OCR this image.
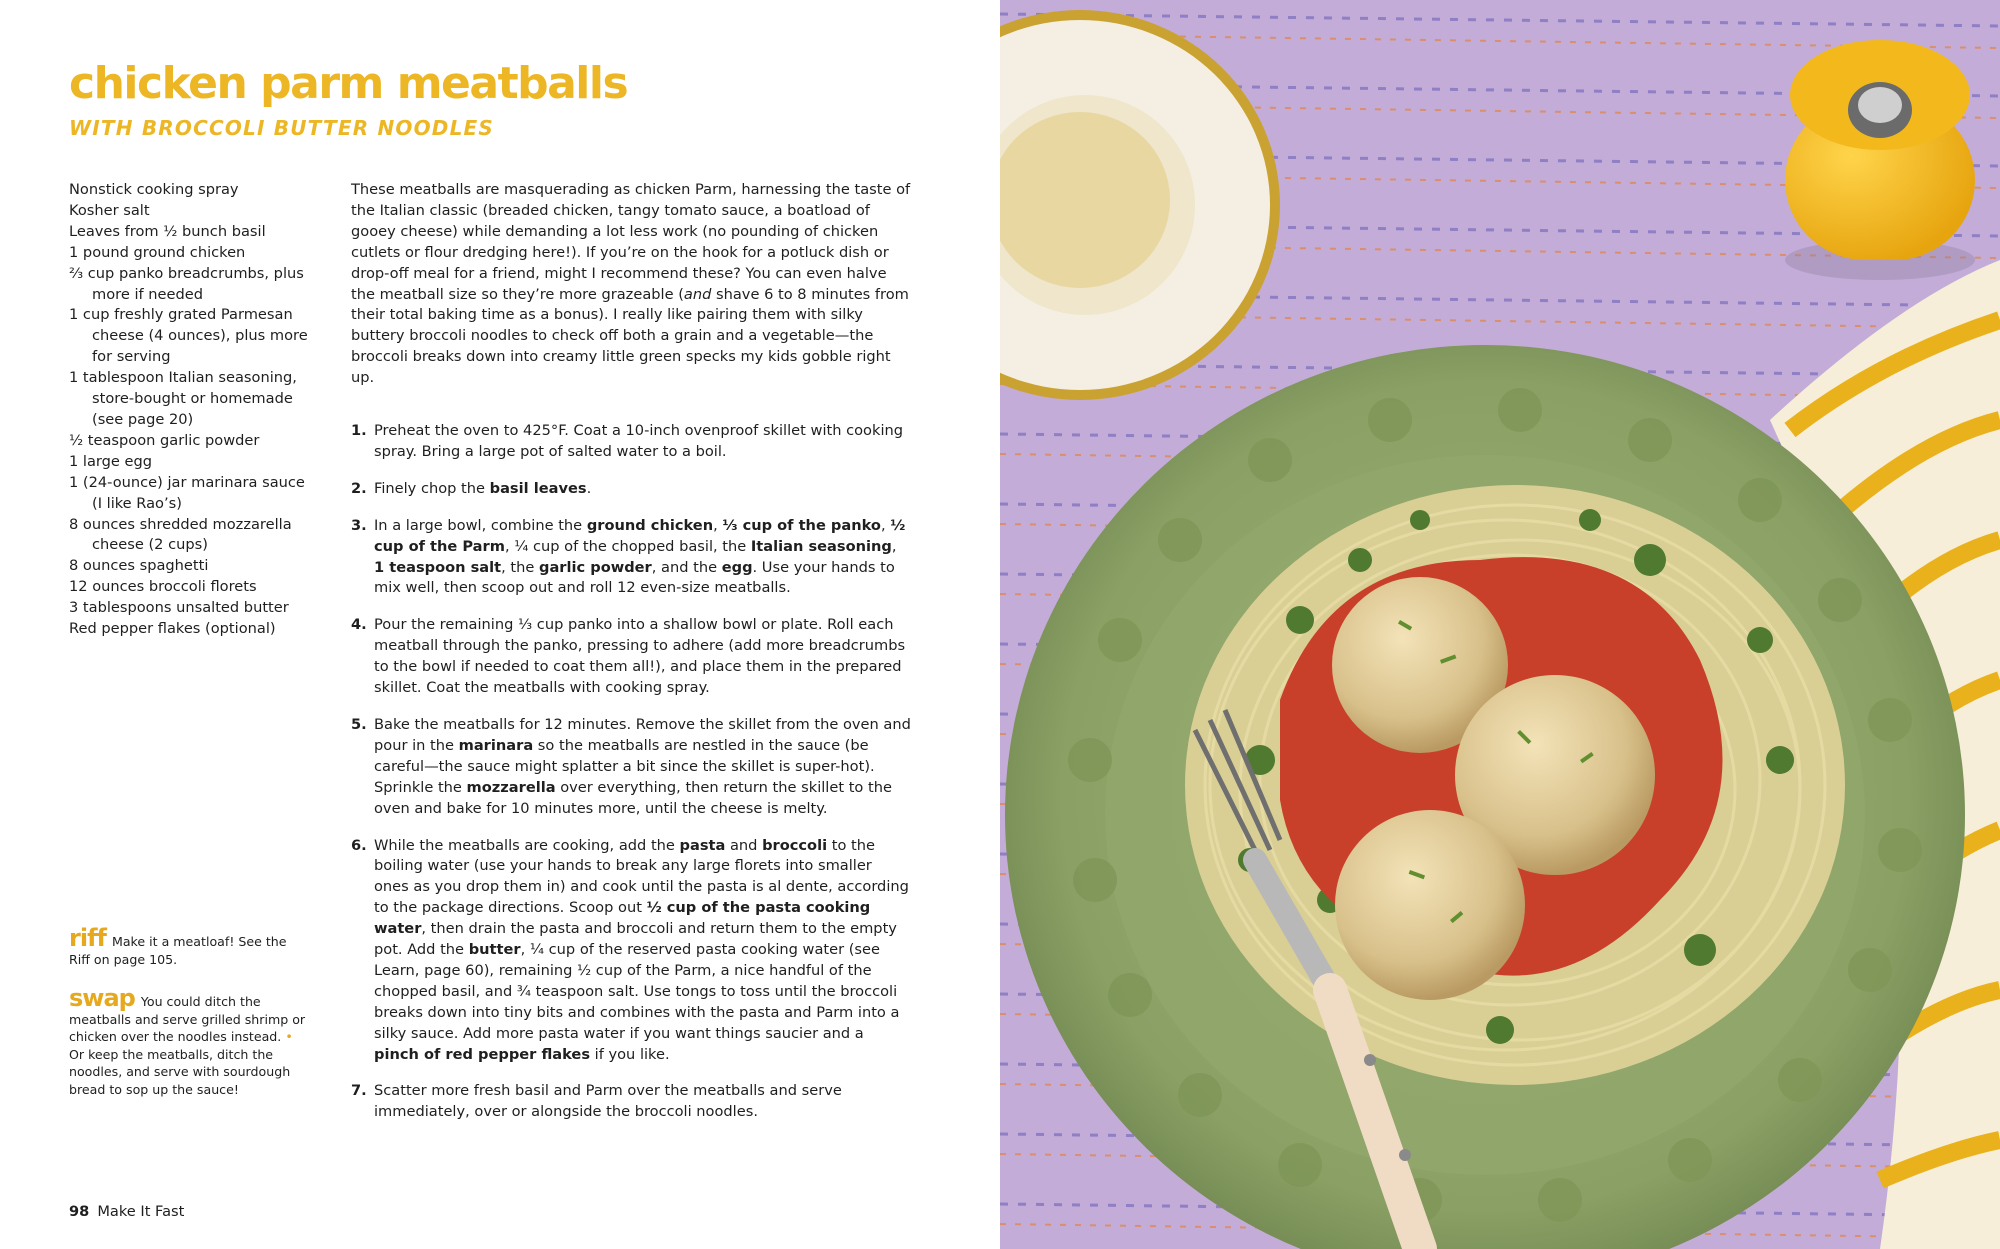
chicken parm meatballs
WITH BROCCOLI BUTTER NOODLES
Nonstick cooking spray
Kosher salt
Leaves from ½ bunch basil
1 pound ground chicken
⅔ cup panko breadcrumbs, plus more if needed
1 cup freshly grated Parmesan cheese (4 ounces), plus more for serving
1 tablespoon Italian seasoning, store-bought or homemade (see page 20)
½ teaspoon garlic powder
1 large egg
1 (24-ounce) jar marinara sauce (I like Rao’s)
8 ounces shredded mozzarella cheese (2 cups)
8 ounces spaghetti
12 ounces broccoli florets
3 tablespoons unsalted butter
Red pepper flakes (optional)

These meatballs are masquerading as chicken Parm, harnessing the taste of the Italian classic (breaded chicken, tangy tomato sauce, a boatload of gooey cheese) while demanding a lot less work (no pounding of chicken cutlets or flour dredging here!). If you’re on the hook for a potluck dish or drop-off meal for a friend, might I recommend these? You can even halve the meatball size so they’re more grazeable (and shave 6 to 8 minutes from their total baking time as a bonus). I really like pairing them with silky buttery broccoli noodles to check off both a grain and a vegetable—the broccoli breaks down into creamy little green specks my kids gobble right up.

1. Preheat the oven to 425°F. Coat a 10-inch ovenproof skillet with cooking spray. Bring a large pot of salted water to a boil.
2. Finely chop the basil leaves.
3. In a large bowl, combine the ground chicken, ⅓ cup of the panko, ½ cup of the Parm, ¼ cup of the chopped basil, the Italian seasoning, 1 teaspoon salt, the garlic powder, and the egg. Use your hands to mix well, then scoop out and roll 12 even-size meatballs.
4. Pour the remaining ⅓ cup panko into a shallow bowl or plate. Roll each meatball through the panko, pressing to adhere (add more breadcrumbs to the bowl if needed to coat them all!), and place them in the prepared skillet. Coat the meatballs with cooking spray.
5. Bake the meatballs for 12 minutes. Remove the skillet from the oven and pour in the marinara so the meatballs are nestled in the sauce (be careful—the sauce might splatter a bit since the skillet is super-hot). Sprinkle the mozzarella over everything, then return the skillet to the oven and bake for 10 minutes more, until the cheese is melty.
6. While the meatballs are cooking, add the pasta and broccoli to the boiling water (use your hands to break any large florets into smaller ones as you drop them in) and cook until the pasta is al dente, according to the package directions. Scoop out ½ cup of the pasta cooking water, then drain the pasta and broccoli and return them to the empty pot. Add the butter, ¼ cup of the reserved pasta cooking water (see Learn, page 60), remaining ½ cup of the Parm, a nice handful of the chopped basil, and ¾ teaspoon salt. Use tongs to toss until the broccoli breaks down into tiny bits and combines with the pasta and Parm into a silky sauce. Add more pasta water if you want things saucier and a pinch of red pepper flakes if you like.
7. Scatter more fresh basil and Parm over the meatballs and serve immediately, over or alongside the broccoli noodles.
riff Make it a meatloaf! See the Riff on page 105.
swap You could ditch the meatballs and serve grilled shrimp or chicken over the noodles instead. • Or keep the meatballs, ditch the noodles, and serve with sourdough bread to sop up the sauce!
98 Make It Fast
